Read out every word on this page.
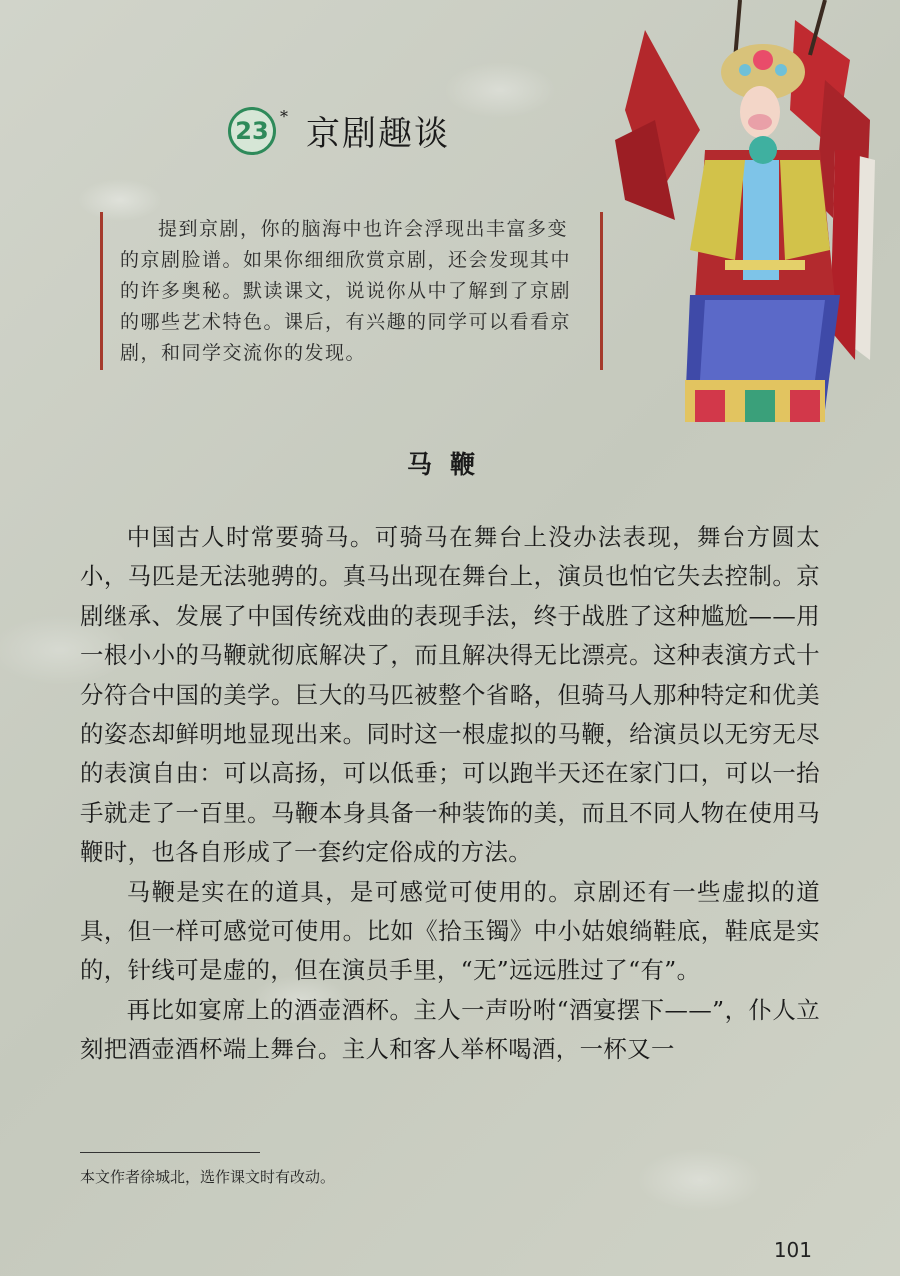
23 * 京剧趣谈
提到京剧，你的脑海中也许会浮现出丰富多变的京剧脸谱。如果你细细欣赏京剧，还会发现其中的许多奥秘。默读课文，说说你从中了解到了京剧的哪些艺术特色。课后，有兴趣的同学可以看看京剧，和同学交流你的发现。
马鞭

中国古人时常要骑马。可骑马在舞台上没办法表现，舞台方圆太小，马匹是无法驰骋的。真马出现在舞台上，演员也怕它失去控制。京剧继承、发展了中国传统戏曲的表现手法，终于战胜了这种尴尬——用一根小小的马鞭就彻底解决了，而且解决得无比漂亮。这种表演方式十分符合中国的美学。巨大的马匹被整个省略，但骑马人那种特定和优美的姿态却鲜明地显现出来。同时这一根虚拟的马鞭，给演员以无穷无尽的表演自由：可以高扬，可以低垂；可以跑半天还在家门口，可以一抬手就走了一百里。马鞭本身具备一种装饰的美，而且不同人物在使用马鞭时，也各自形成了一套约定俗成的方法。

马鞭是实在的道具，是可感觉可使用的。京剧还有一些虚拟的道具，但一样可感觉可使用。比如《拾玉镯》中小姑娘绱鞋底，鞋底是实的，针线可是虚的，但在演员手里，“无”远远胜过了“有”。

再比如宴席上的酒壶酒杯。主人一声吩咐“酒宴摆下——”，仆人立刻把酒壶酒杯端上舞台。主人和客人举杯喝酒，一杯又一

本文作者徐城北，选作课文时有改动。
101
